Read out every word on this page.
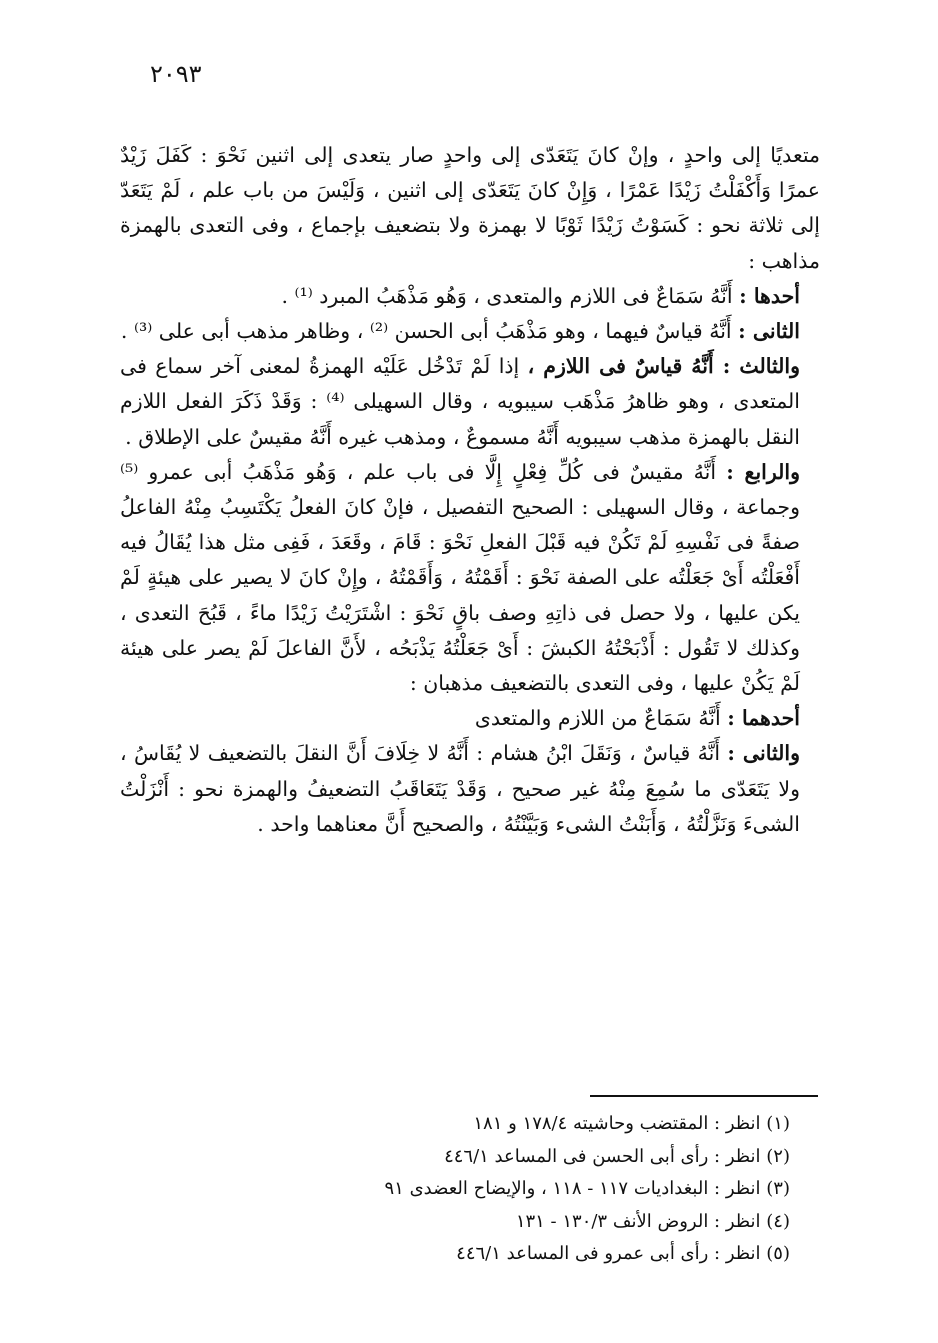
٢٠٩٣

متعديًا إلى واحدٍ ، وإنْ كانَ يَتَعَدّى إلى واحدٍ صار يتعدى إلى اثنين نَحْوَ : كَفَلَ زَيْدٌ عمرًا وَأَكْفَلْتُ زَيْدًا عَمْرًا ، وَإِنْ كانَ يَتَعَدّى إلى اثنين ، وَلَيْسَ من باب علم ، لَمْ يَتَعَدّ إلى ثلاثة نحو : كَسَوْتُ زَيْدًا ثَوْبًا لا بهمزة ولا بتضعيف بإجماع ، وفى التعدى بالهمزة مذاهب :

أحدها : أَنَّهُ سَمَاعٌ فى اللازم والمتعدى ، وَهُو مَذْهَبُ المبرد ⁽¹⁾ .

الثانى : أَنَّهُ قياسٌ فيهما ، وهو مَذْهَبُ أبى الحسن ⁽²⁾ ، وظاهر مذهب أبى على ⁽³⁾ .

والثالث : أَنَّهُ قياسٌ فى اللازم ، إذا لَمْ تَدْخُل عَلَيْه الهمزةُ لمعنى آخر سماع فى المتعدى ، وهو ظاهرُ مَذْهَب سيبويه ، وقال السهيلى ⁽⁴⁾ : وَقَدْ ذَكَرَ الفعل اللازم النقل بالهمزة مذهب سيبويه أَنَّهُ مسموعٌ ، ومذهب غيره أَنَّهُ مقيسٌ على الإطلاق .

والرابع : أَنَّهُ مقيسٌ فى كُلِّ فِعْلٍ إِلَّا فى باب علم ، وَهُو مَذْهَبُ أبى عمرو ⁽⁵⁾ وجماعة ، وقال السهيلى : الصحيح التفصيل ، فإنْ كانَ الفعلُ يَكْتَسِبُ مِنْهُ الفاعلُ صفةً فى نَفْسِهِ لَمْ تَكُنْ فيه قَبْلَ الفعلِ نَحْوَ : قَامَ ، وقَعَدَ ، فَفِى مثل هذا يُقَالُ فيه أَفْعَلْتُه أَىْ جَعَلْتُه على الصفة نَحْوَ : أَقَمْتُهُ ، وَأَقَمْتُهُ ، وإِنْ كانَ لا يصير على هيئةٍ لَمْ يكن عليها ، ولا حصل فى ذاتِهِ وصف باقٍ نَحْوَ : اشْتَرَيْتُ زَيْدًا ماءً ، قَبُحَ التعدى ، وكذلك لا تَقُول : أَذْبَحْتُهُ الكبشَ : أَىْ جَعَلْتُهُ يَذْبَحُه ، لأَنَّ الفاعلَ لَمْ يصر على هيئة لَمْ يَكُنْ عليها ، وفى التعدى بالتضعيف مذهبان :

أحدهما : أَنَّهُ سَمَاعٌ من اللازم والمتعدى

والثانى : أَنَّهُ قياسٌ ، وَنَقَلَ ابْنُ هشام : أَنَّهُ لا خِلَافَ أَنَّ النقلَ بالتضعيف لا يُقَاسُ ، ولا يَتَعَدّى ما سُمِعَ مِنْهُ غير صحيح ، وَقَدْ يَتَعَاقَبُ التضعيفُ والهمزة نحو : أَنْزَلْتُ الشىءَ وَنَزَّلْتُهُ ، وَأَبَنْتُ الشىء وَبَيَّنْتُهُ ، والصحيح أَنَّ معناهما واحد .

(١) انظر : المقتضب وحاشيته ١٧٨/٤ و ١٨١

(٢) انظر : رأى أبى الحسن فى المساعد ٤٤٦/١

(٣) انظر : البغداديات ١١٧ - ١١٨ ، والإيضاح العضدى ٩١

(٤) انظر : الروض الأنف ١٣٠/٣ - ١٣١

(٥) انظر : رأى أبى عمرو فى المساعد ٤٤٦/١
